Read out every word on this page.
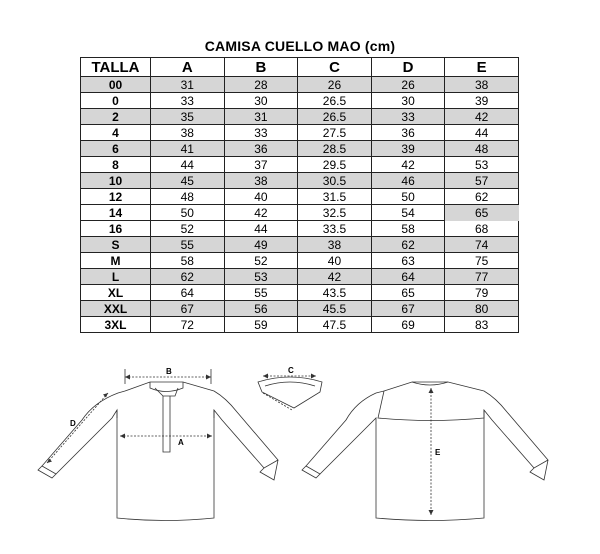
CAMISA CUELLO MAO (cm)
TALLA	A	B	C	D	E
00	31	28	26	26	38
0	33	30	26.5	30	39
2	35	31	26.5	33	42
4	38	33	27.5	36	44
6	41	36	28.5	39	48
8	44	37	29.5	42	53
10	45	38	30.5	46	57
12	48	40	31.5	50	62
14	50	42	32.5	54	65
16	52	44	33.5	58	68
S	55	49	38	62	74
M	58	52	40	63	75
L	62	53	42	64	77
XL	64	55	43.5	65	79
XXL	67	56	45.5	67	80
3XL	72	59	47.5	69	83
B
A
D
C
E
